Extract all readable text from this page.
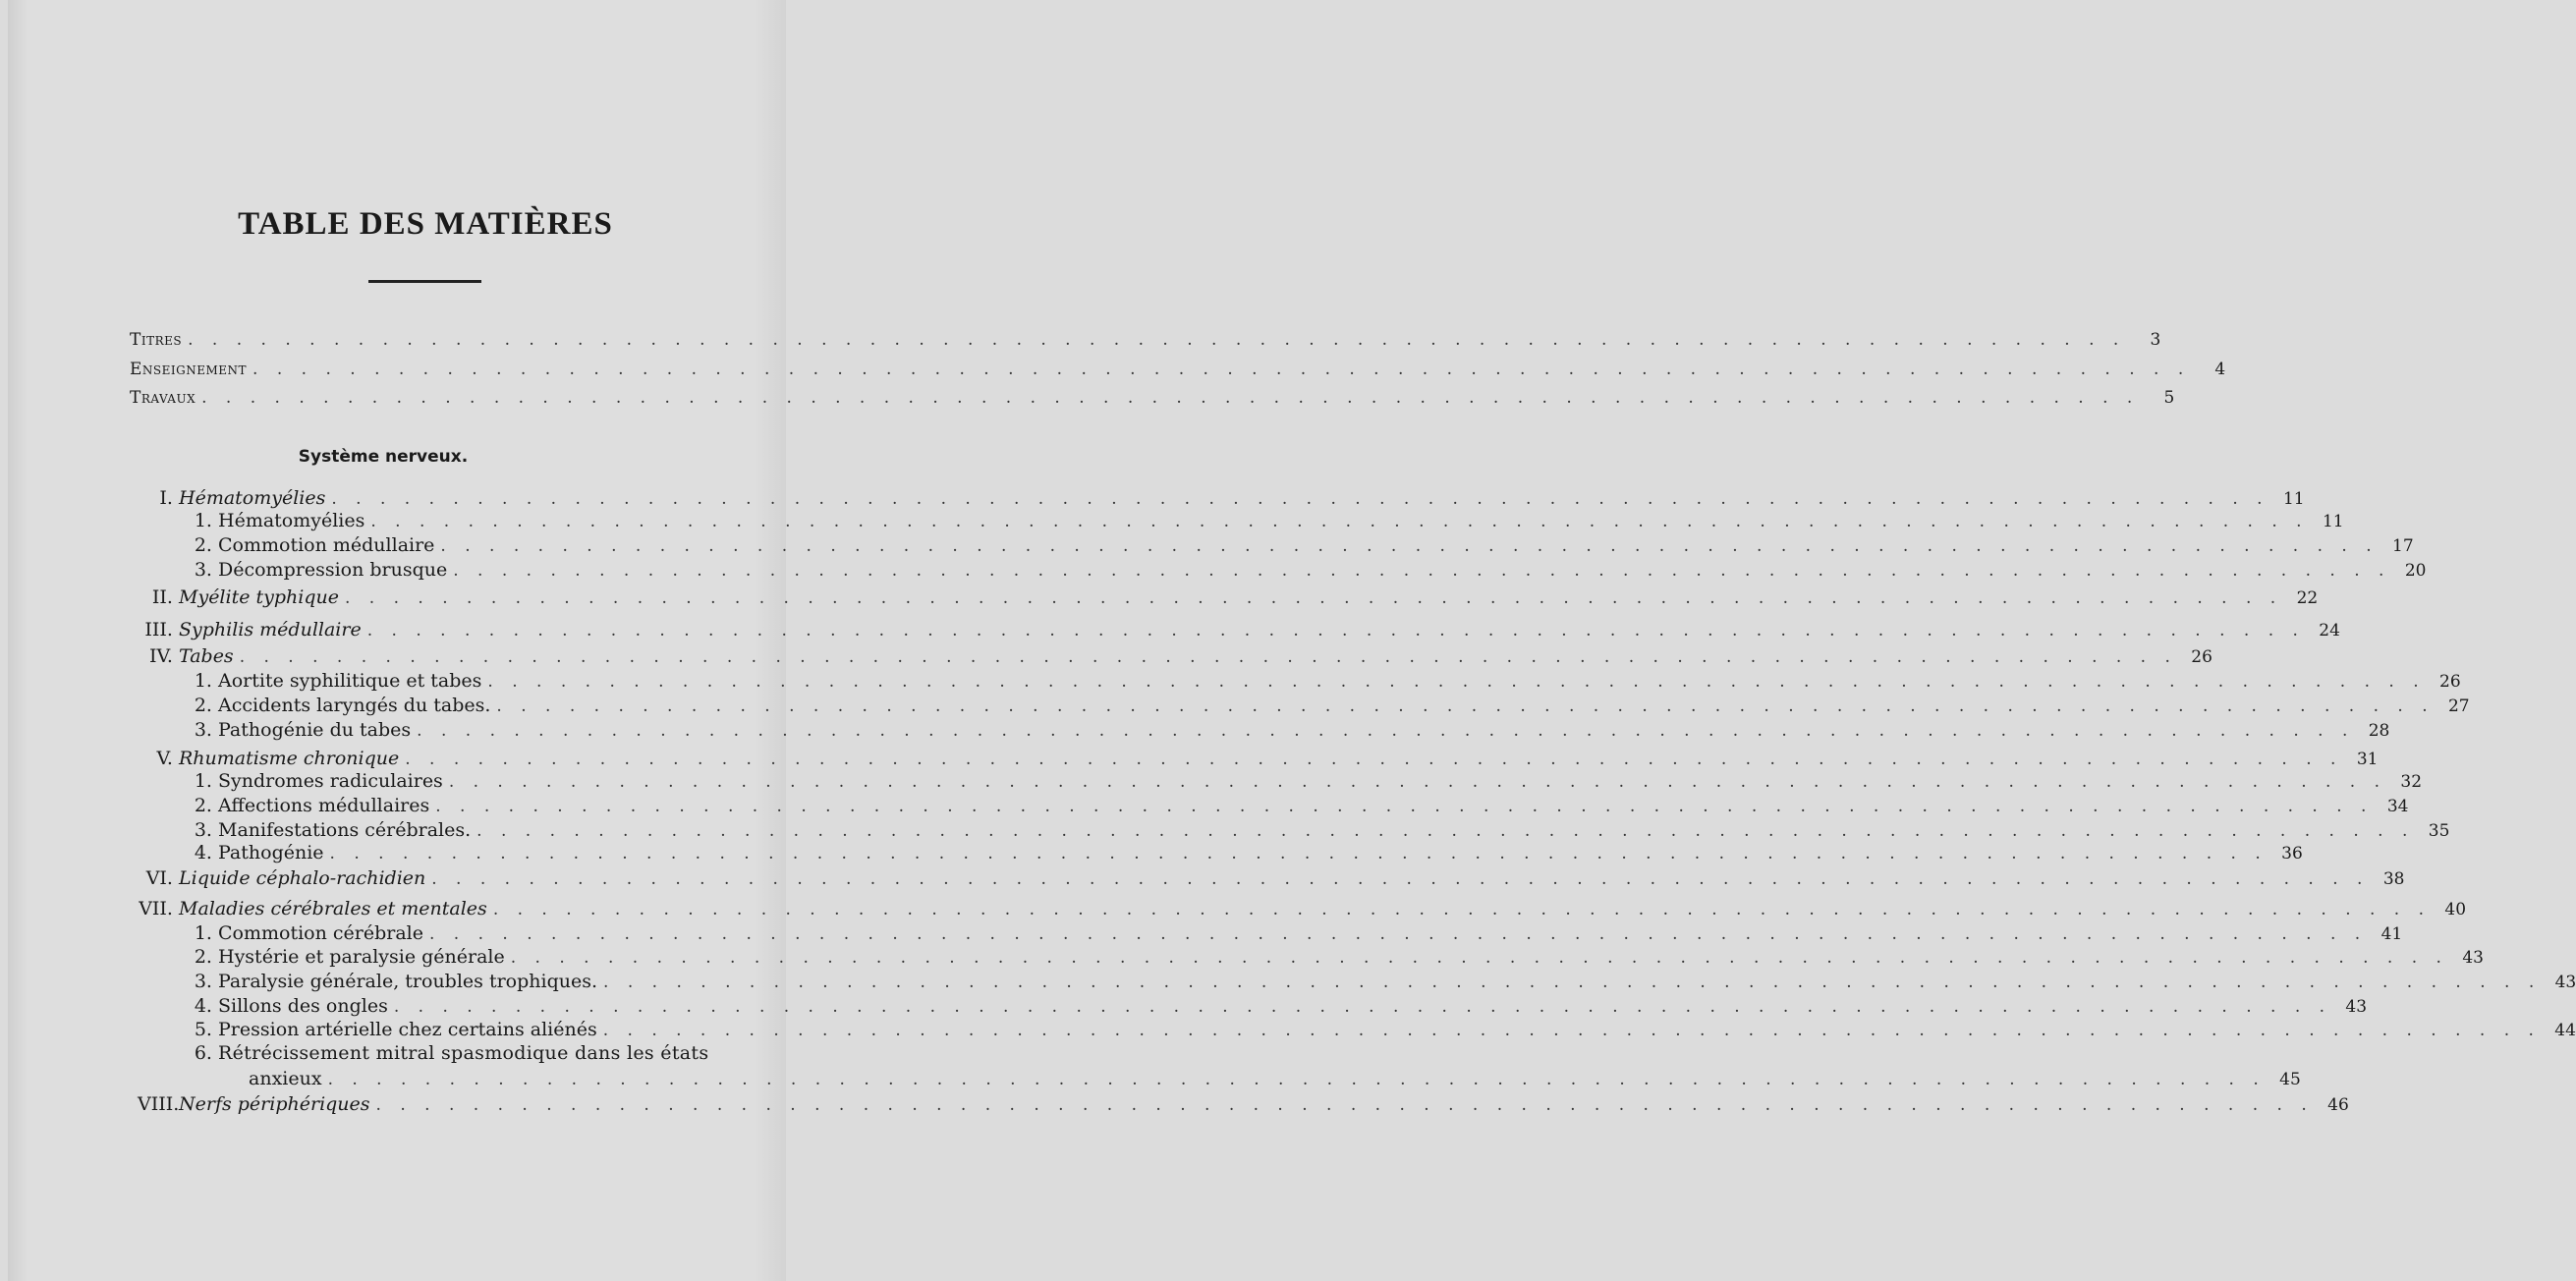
TABLE DES MATIÈRES
Titres . . . . . . . . . . . . . . . . . . . . . . . . . . . . . . . . . . . . . . . . . . . . . . . . . . . . . . . . . . . . . . . . . . . . . . . . . . . . . . . .	3
Enseignement . . . . . . . . . . . . . . . . . . . . . . . . . . . . . . . . . . . . . . . . . . . . . . . . . . . . . . . . . . . . . . . . . . . . . . . . . . . . . . . .	4
Travaux . . . . . . . . . . . . . . . . . . . . . . . . . . . . . . . . . . . . . . . . . . . . . . . . . . . . . . . . . . . . . . . . . . . . . . . . . . . . . . . .	5
Système nerveux.
I. Hématomyélies . . . . . . . . . . . . . . . . . . . . . . . . . . . . . . . . . . . . . . . . . . . . . . . . . . . . . . . . . . . . . . . . . . . . . . . . . . . . . . . . 11
1. Hématomyélies . . . . . . . . . . . . . . . . . . . . . . . . . . . . . . . . . . . . . . . . . . . . . . . . . . . . . . . . . . . . . . . . . . . . . . . . . . . . . . . . 11
2. Commotion médullaire . . . . . . . . . . . . . . . . . . . . . . . . . . . . . . . . . . . . . . . . . . . . . . . . . . . . . . . . . . . . . . . . . . . . . . . . . . . . . . . . 17
3. Décompression brusque . . . . . . . . . . . . . . . . . . . . . . . . . . . . . . . . . . . . . . . . . . . . . . . . . . . . . . . . . . . . . . . . . . . . . . . . . . . . . . . . 20
II. Myélite typhique . . . . . . . . . . . . . . . . . . . . . . . . . . . . . . . . . . . . . . . . . . . . . . . . . . . . . . . . . . . . . . . . . . . . . . . . . . . . . . . . 22
III. Syphilis médullaire . . . . . . . . . . . . . . . . . . . . . . . . . . . . . . . . . . . . . . . . . . . . . . . . . . . . . . . . . . . . . . . . . . . . . . . . . . . . . . . . 24
IV. Tabes . . . . . . . . . . . . . . . . . . . . . . . . . . . . . . . . . . . . . . . . . . . . . . . . . . . . . . . . . . . . . . . . . . . . . . . . . . . . . . . . 26
1. Aortite syphilitique et tabes . . . . . . . . . . . . . . . . . . . . . . . . . . . . . . . . . . . . . . . . . . . . . . . . . . . . . . . . . . . . . . . . . . . . . . . . . . . . . . . . 26
2. Accidents laryngés du tabes. . . . . . . . . . . . . . . . . . . . . . . . . . . . . . . . . . . . . . . . . . . . . . . . . . . . . . . . . . . . . . . . . . . . . . . . . . . . . . . . . 27
3. Pathogénie du tabes . . . . . . . . . . . . . . . . . . . . . . . . . . . . . . . . . . . . . . . . . . . . . . . . . . . . . . . . . . . . . . . . . . . . . . . . . . . . . . . . 28
V. Rhumatisme chronique . . . . . . . . . . . . . . . . . . . . . . . . . . . . . . . . . . . . . . . . . . . . . . . . . . . . . . . . . . . . . . . . . . . . . . . . . . . . . . . . 31
1. Syndromes radiculaires . . . . . . . . . . . . . . . . . . . . . . . . . . . . . . . . . . . . . . . . . . . . . . . . . . . . . . . . . . . . . . . . . . . . . . . . . . . . . . . . 32
2. Affections médullaires . . . . . . . . . . . . . . . . . . . . . . . . . . . . . . . . . . . . . . . . . . . . . . . . . . . . . . . . . . . . . . . . . . . . . . . . . . . . . . . . 34
3. Manifestations cérébrales. . . . . . . . . . . . . . . . . . . . . . . . . . . . . . . . . . . . . . . . . . . . . . . . . . . . . . . . . . . . . . . . . . . . . . . . . . . . . . . . . 35
4. Pathogénie . . . . . . . . . . . . . . . . . . . . . . . . . . . . . . . . . . . . . . . . . . . . . . . . . . . . . . . . . . . . . . . . . . . . . . . . . . . . . . . . 36
VI. Liquide céphalo-rachidien . . . . . . . . . . . . . . . . . . . . . . . . . . . . . . . . . . . . . . . . . . . . . . . . . . . . . . . . . . . . . . . . . . . . . . . . . . . . . . . . 38
VII. Maladies cérébrales et mentales . . . . . . . . . . . . . . . . . . . . . . . . . . . . . . . . . . . . . . . . . . . . . . . . . . . . . . . . . . . . . . . . . . . . . . . . . . . . . . . . 40
1. Commotion cérébrale . . . . . . . . . . . . . . . . . . . . . . . . . . . . . . . . . . . . . . . . . . . . . . . . . . . . . . . . . . . . . . . . . . . . . . . . . . . . . . . . 41
2. Hystérie et paralysie générale . . . . . . . . . . . . . . . . . . . . . . . . . . . . . . . . . . . . . . . . . . . . . . . . . . . . . . . . . . . . . . . . . . . . . . . . . . . . . . . . 43
3. Paralysie générale, troubles trophiques. . . . . . . . . . . . . . . . . . . . . . . . . . . . . . . . . . . . . . . . . . . . . . . . . . . . . . . . . . . . . . . . . . . . . . . . . . . . . . . . . 43
4. Sillons des ongles . . . . . . . . . . . . . . . . . . . . . . . . . . . . . . . . . . . . . . . . . . . . . . . . . . . . . . . . . . . . . . . . . . . . . . . . . . . . . . . . 43
5. Pression artérielle chez certains aliénés . . . . . . . . . . . . . . . . . . . . . . . . . . . . . . . . . . . . . . . . . . . . . . . . . . . . . . . . . . . . . . . . . . . . . . . . . . . . . . . . 44
6. Rétrécissement mitral spasmodique dans les états
anxieux . . . . . . . . . . . . . . . . . . . . . . . . . . . . . . . . . . . . . . . . . . . . . . . . . . . . . . . . . . . . . . . . . . . . . . . . . . . . . . . . 45
VIII.
Nerfs périphériques . . . . . . . . . . . . . . . . . . . . . . . . . . . . . . . . . . . . . . . . . . . . . . . . . . . . . . . . . . . . . . . . . . . . . . . . . . . . . . . . 46
